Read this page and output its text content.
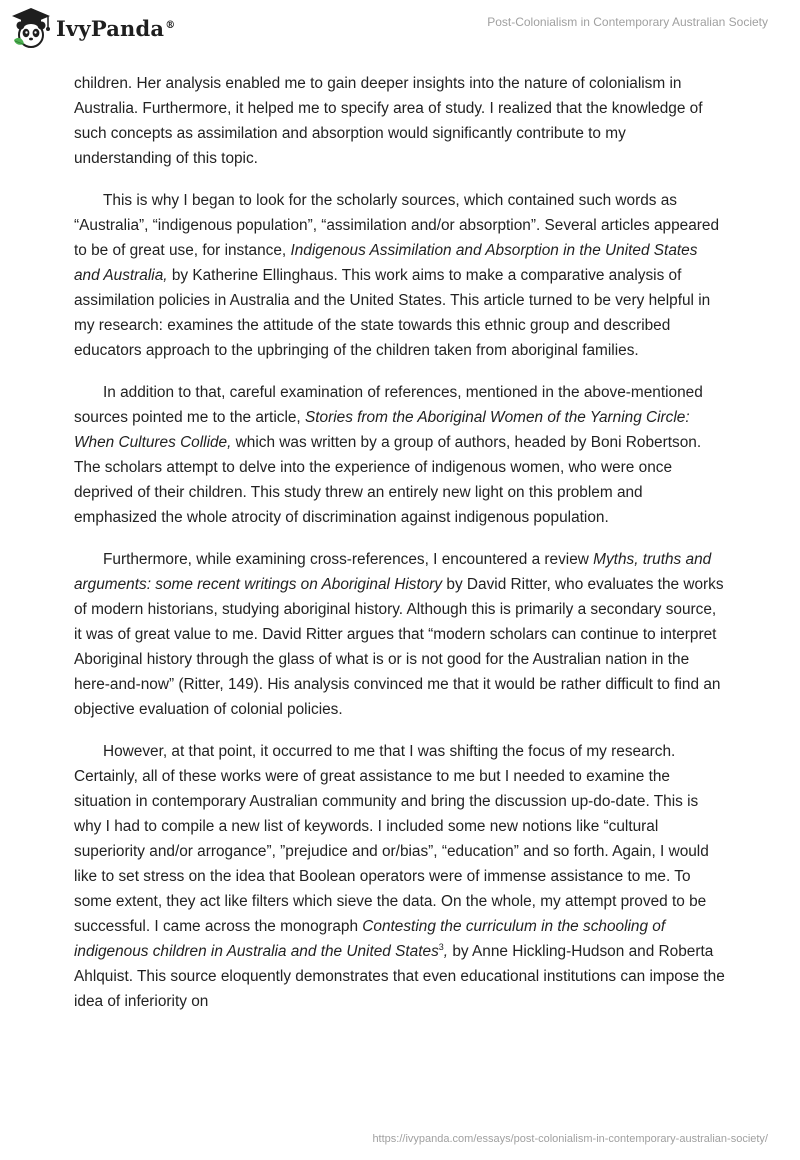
IvyPanda®	Post-Colonialism in Contemporary Australian Society

children. Her analysis enabled me to gain deeper insights into the nature of colonialism in Australia. Furthermore, it helped me to specify area of study. I realized that the knowledge of such concepts as assimilation and absorption would significantly contribute to my understanding of this topic.

This is why I began to look for the scholarly sources, which contained such words as “Australia”, “indigenous population”, “assimilation and/or absorption”. Several articles appeared to be of great use, for instance, Indigenous Assimilation and Absorption in the United States and Australia, by Katherine Ellinghaus. This work aims to make a comparative analysis of assimilation policies in Australia and the United States. This article turned to be very helpful in my research: examines the attitude of the state towards this ethnic group and described educators approach to the upbringing of the children taken from aboriginal families.

In addition to that, careful examination of references, mentioned in the above-mentioned sources pointed me to the article, Stories from the Aboriginal Women of the Yarning Circle: When Cultures Collide, which was written by a group of authors, headed by Boni Robertson. The scholars attempt to delve into the experience of indigenous women, who were once deprived of their children. This study threw an entirely new light on this problem and emphasized the whole atrocity of discrimination against indigenous population.

Furthermore, while examining cross-references, I encountered a review Myths, truths and arguments: some recent writings on Aboriginal History by David Ritter, who evaluates the works of modern historians, studying aboriginal history. Although this is primarily a secondary source, it was of great value to me. David Ritter argues that “modern scholars can continue to interpret Aboriginal history through the glass of what is or is not good for the Australian nation in the here-and-now” (Ritter, 149). His analysis convinced me that it would be rather difficult to find an objective evaluation of colonial policies.

However, at that point, it occurred to me that I was shifting the focus of my research. Certainly, all of these works were of great assistance to me but I needed to examine the situation in contemporary Australian community and bring the discussion up-do-date. This is why I had to compile a new list of keywords. I included some new notions like “cultural superiority and/or arrogance”, ”prejudice and or/bias”, “education” and so forth. Again, I would like to set stress on the idea that Boolean operators were of immense assistance to me. To some extent, they act like filters which sieve the data. On the whole, my attempt proved to be successful. I came across the monograph Contesting the curriculum in the schooling of indigenous children in Australia and the United States$^3$, by Anne Hickling-Hudson and Roberta Ahlquist. This source eloquently demonstrates that even educational institutions can impose the idea of inferiority on

https://ivypanda.com/essays/post-colonialism-in-contemporary-australian-society/
